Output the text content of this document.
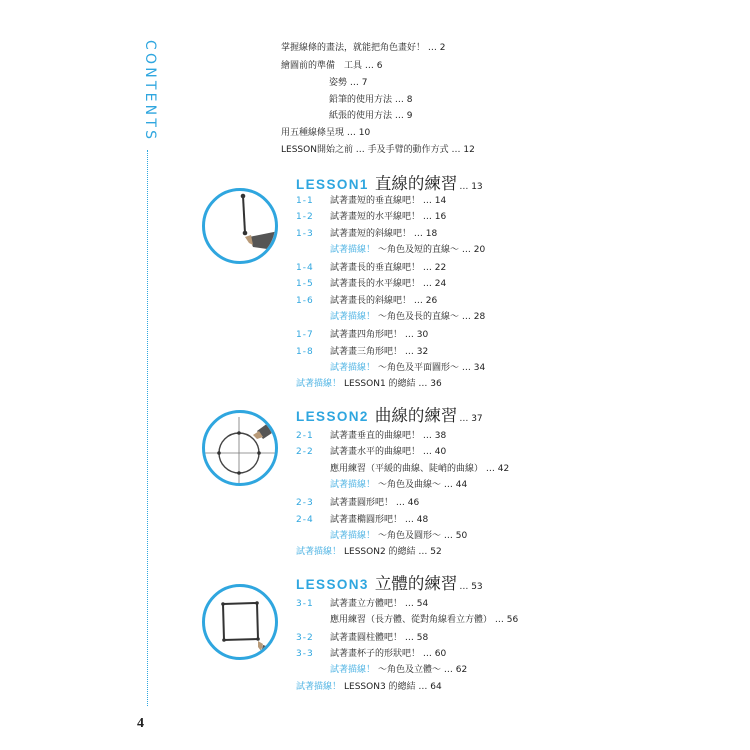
CONTENTS
4
掌握線條的畫法，就能把角色畫好！ … 2
繪圖前的準備　工具 … 6
姿勢 … 7
鉛筆的使用方法 … 8
紙張的使用方法 … 9
用五種線條呈現 … 10
LESSON開始之前 … 手及手臂的動作方式 … 12
LESSON1 直線的練習 … 13
1-1 試著畫短的垂直線吧！ … 14
1-2 試著畫短的水平線吧！ … 16
1-3 試著畫短的斜線吧！ … 18
試著描線！ ～角色及短的直線～ … 20
1-4 試著畫長的垂直線吧！ … 22
1-5 試著畫長的水平線吧！ … 24
1-6 試著畫長的斜線吧！ … 26
試著描線！ ～角色及長的直線～ … 28
1-7 試著畫四角形吧！ … 30
1-8 試著畫三角形吧！ … 32
試著描線！ ～角色及平面圖形～ … 34
試著描線！ LESSON1 的總結 … 36
LESSON2 曲線的練習 … 37
2-1 試著畫垂直的曲線吧！ … 38
2-2 試著畫水平的曲線吧！ … 40
應用練習（平緩的曲線、陡峭的曲線） … 42
試著描線！ ～角色及曲線～ … 44
2-3 試著畫圓形吧！ … 46
2-4 試著畫橢圓形吧！ … 48
試著描線！ ～角色及圓形～ … 50
試著描線！ LESSON2 的總結 … 52
LESSON3 立體的練習 … 53
3-1 試著畫立方體吧！ … 54
應用練習（長方體、從對角線看立方體） … 56
3-2 試著畫圓柱體吧！ … 58
3-3 試著畫杯子的形狀吧！ … 60
試著描線！ ～角色及立體～ … 62
試著描線！ LESSON3 的總結 … 64
